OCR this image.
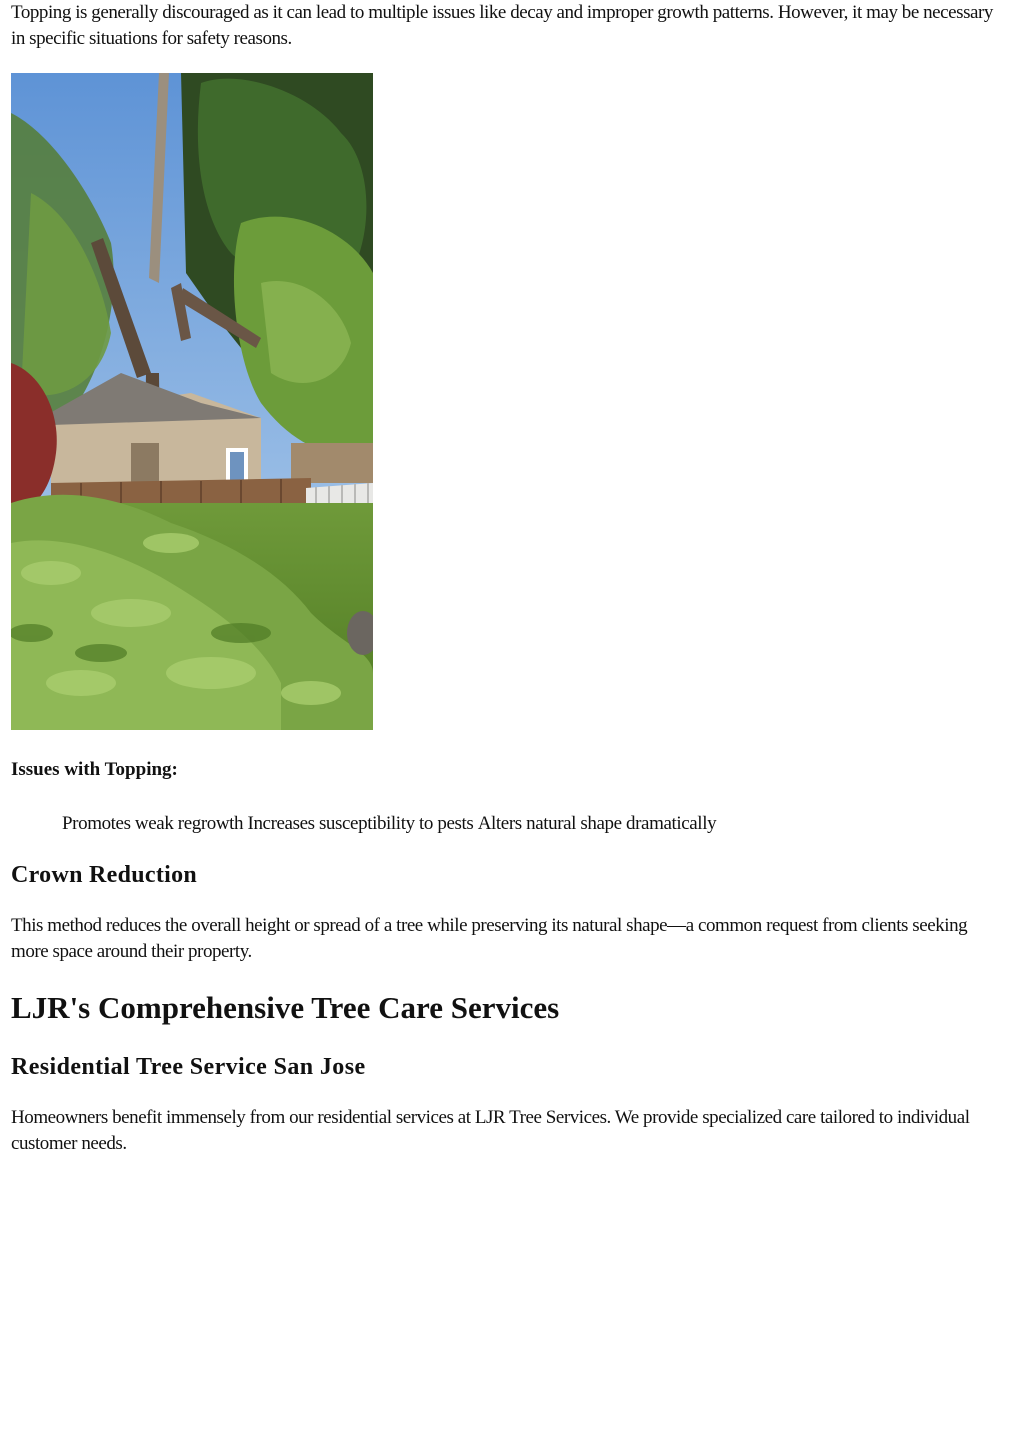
Topping is generally discouraged as it can lead to multiple issues like decay and improper growth patterns. However, it may be necessary in specific situations for safety reasons.

Issues with Topping:
Promotes weak regrowth Increases susceptibility to pests Alters natural shape dramatically
Crown Reduction

This method reduces the overall height or spread of a tree while preserving its natural shape—a common request from clients seeking more space around their property.

LJR's Comprehensive Tree Care Services
Residential Tree Service San Jose

Homeowners benefit immensely from our residential services at LJR Tree Services. We provide specialized care tailored to individual customer needs.
